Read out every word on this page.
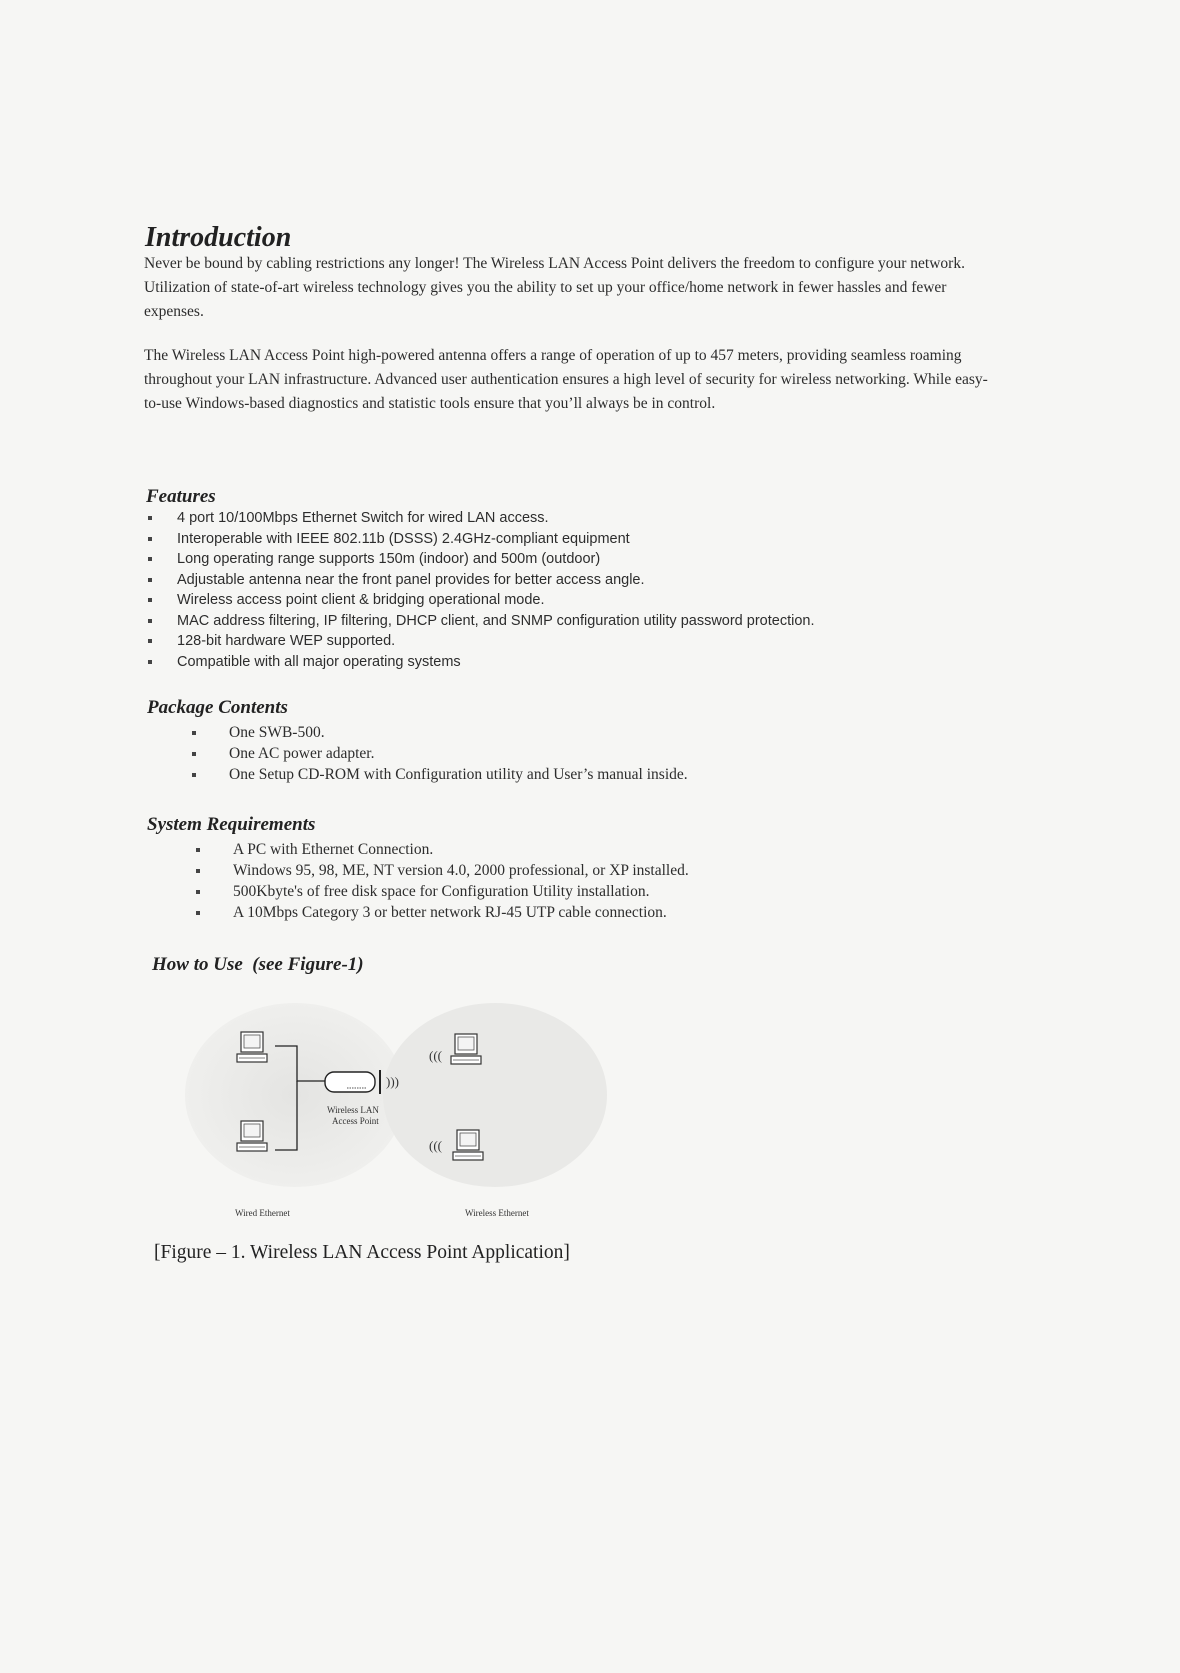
Introduction

Never be bound by cabling restrictions any longer! The Wireless LAN Access Point delivers the freedom to configure your network. Utilization of state-of-art wireless technology gives you the ability to set up your office/home network in fewer hassles and fewer expenses.

The Wireless LAN Access Point high-powered antenna offers a range of operation of up to 457 meters, providing seamless roaming throughout your LAN infrastructure. Advanced user authentication ensures a high level of security for wireless networking. While easy-to-use Windows-based diagnostics and statistic tools ensure that you’ll always be in control.

Features
4 port 10/100Mbps Ethernet Switch for wired LAN access.
Interoperable with IEEE 802.11b (DSSS) 2.4GHz-compliant equipment
Long operating range supports 150m (indoor) and 500m (outdoor)
Adjustable antenna near the front panel provides for better access angle.
Wireless access point client & bridging operational mode.
MAC address filtering, IP filtering, DHCP client, and SNMP configuration utility password protection.
128-bit hardware WEP supported.
Compatible with all major operating systems
Package Contents
One SWB-500.
One AC power adapter.
One Setup CD-ROM with Configuration utility and User’s manual inside.
System Requirements
A PC with Ethernet Connection.
Windows 95, 98, ME, NT version 4.0, 2000 professional, or XP installed.
500Kbyte's of free disk space for Configuration Utility installation.
A 10Mbps Category 3 or better network RJ-45 UTP cable connection.
How to Use  (see Figure-1)
)))
Wireless LAN
Access Point
(((
(((
Wired Ethernet	Wireless Ethernet

[Figure – 1. Wireless LAN Access Point Application]
